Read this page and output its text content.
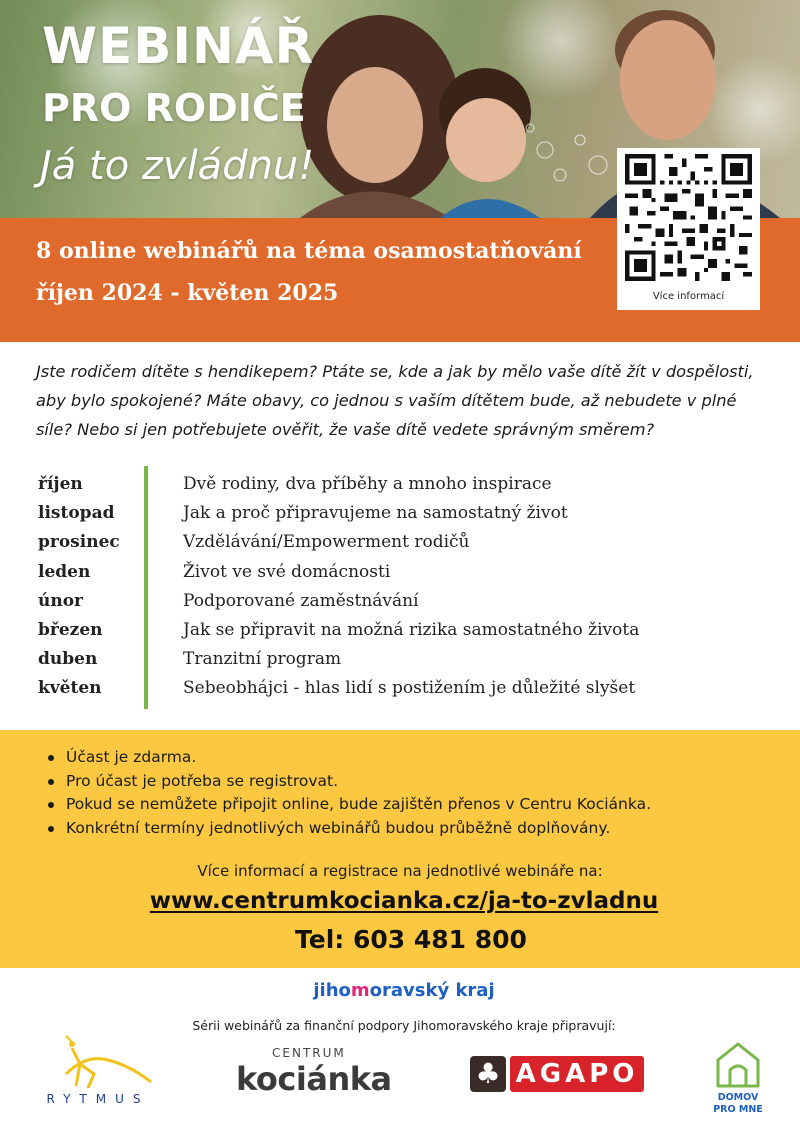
WEBINÁŘ
PRO RODIČE
Já to zvládnu!
8 online webinářů na téma osamostatňování
říjen 2024 - květen 2025	Více informací
Jste rodičem dítěte s hendikepem? Ptáte se, kde a jak by mělo vaše dítě žít v dospělosti, aby bylo spokojené? Máte obavy, co jednou s vaším dítětem bude, až nebudete v plné síle? Nebo si jen potřebujete ověřit, že vaše dítě vedete správným směrem?
říjen	Dvě rodiny, dva příběhy a mnoho inspirace
listopad	Jak a proč připravujeme na samostatný život
prosinec	Vzdělávání/Empowerment rodičů
leden	Život ve své domácnosti
únor	Podporované zaměstnávání
březen	Jak se připravit na možná rizika samostatného života
duben	Tranzitní program
květen	Sebeobhájci - hlas lidí s postižením je důležité slyšet
Účast je zdarma.
Pro účast je potřeba se registrovat.
Pokud se nemůžete připojit online, bude zajištěn přenos v Centru Kociánka.
Konkrétní termíny jednotlivých webinářů budou průběžně doplňovány.
Více informací a registrace na jednotlivé webináře na:
www.centrumkocianka.cz/ja-to-zvladnu
Tel: 603 481 800
jihomoravský kraj
Sérii webinářů za finanční podpory Jihomoravského kraje připravují:
RYTMUS
CENTRUM
kociánka	♣ AGAPO
DOMOV
PRO MNE
